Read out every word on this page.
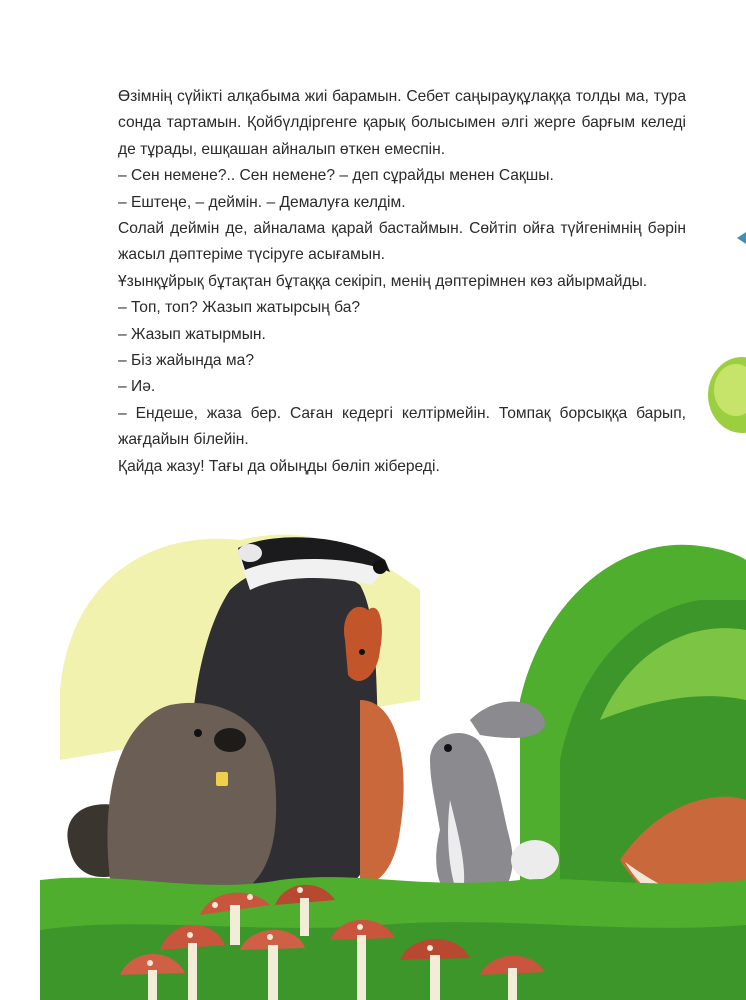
Өзімнің сүйікті алқабыма жиі барамын. Себет саңырауқұлаққа толды ма, тура сонда тартамын. Қойбүлдіргенге қарық болысымен әлгі жерге барғым келеді де тұрады, ешқашан айналып өткен емеспін.

– Сен немене?.. Сен немене? – деп сұрайды менен Сақшы.

– Ештеңе, – деймін. – Демалуға келдім.

Солай деймін де, айналама қарай бастаймын. Сөйтіп ойға түйгенімнің бәрін жасыл дәптеріме түсіруге асығамын.

Ұзынқұйрық бұтақтан бұтаққа секіріп, менің дәптерімнен көз айырмайды.

– Топ, топ? Жазып жатырсың ба?

– Жазып жатырмын.

– Біз жайында ма?

– Иә.

– Ендеше, жаза бер. Саған кедергі келтірмейін. Томпақ борсыққа барып, жағдайын білейін.

Қайда жазу! Тағы да ойыңды бөліп жібереді.
